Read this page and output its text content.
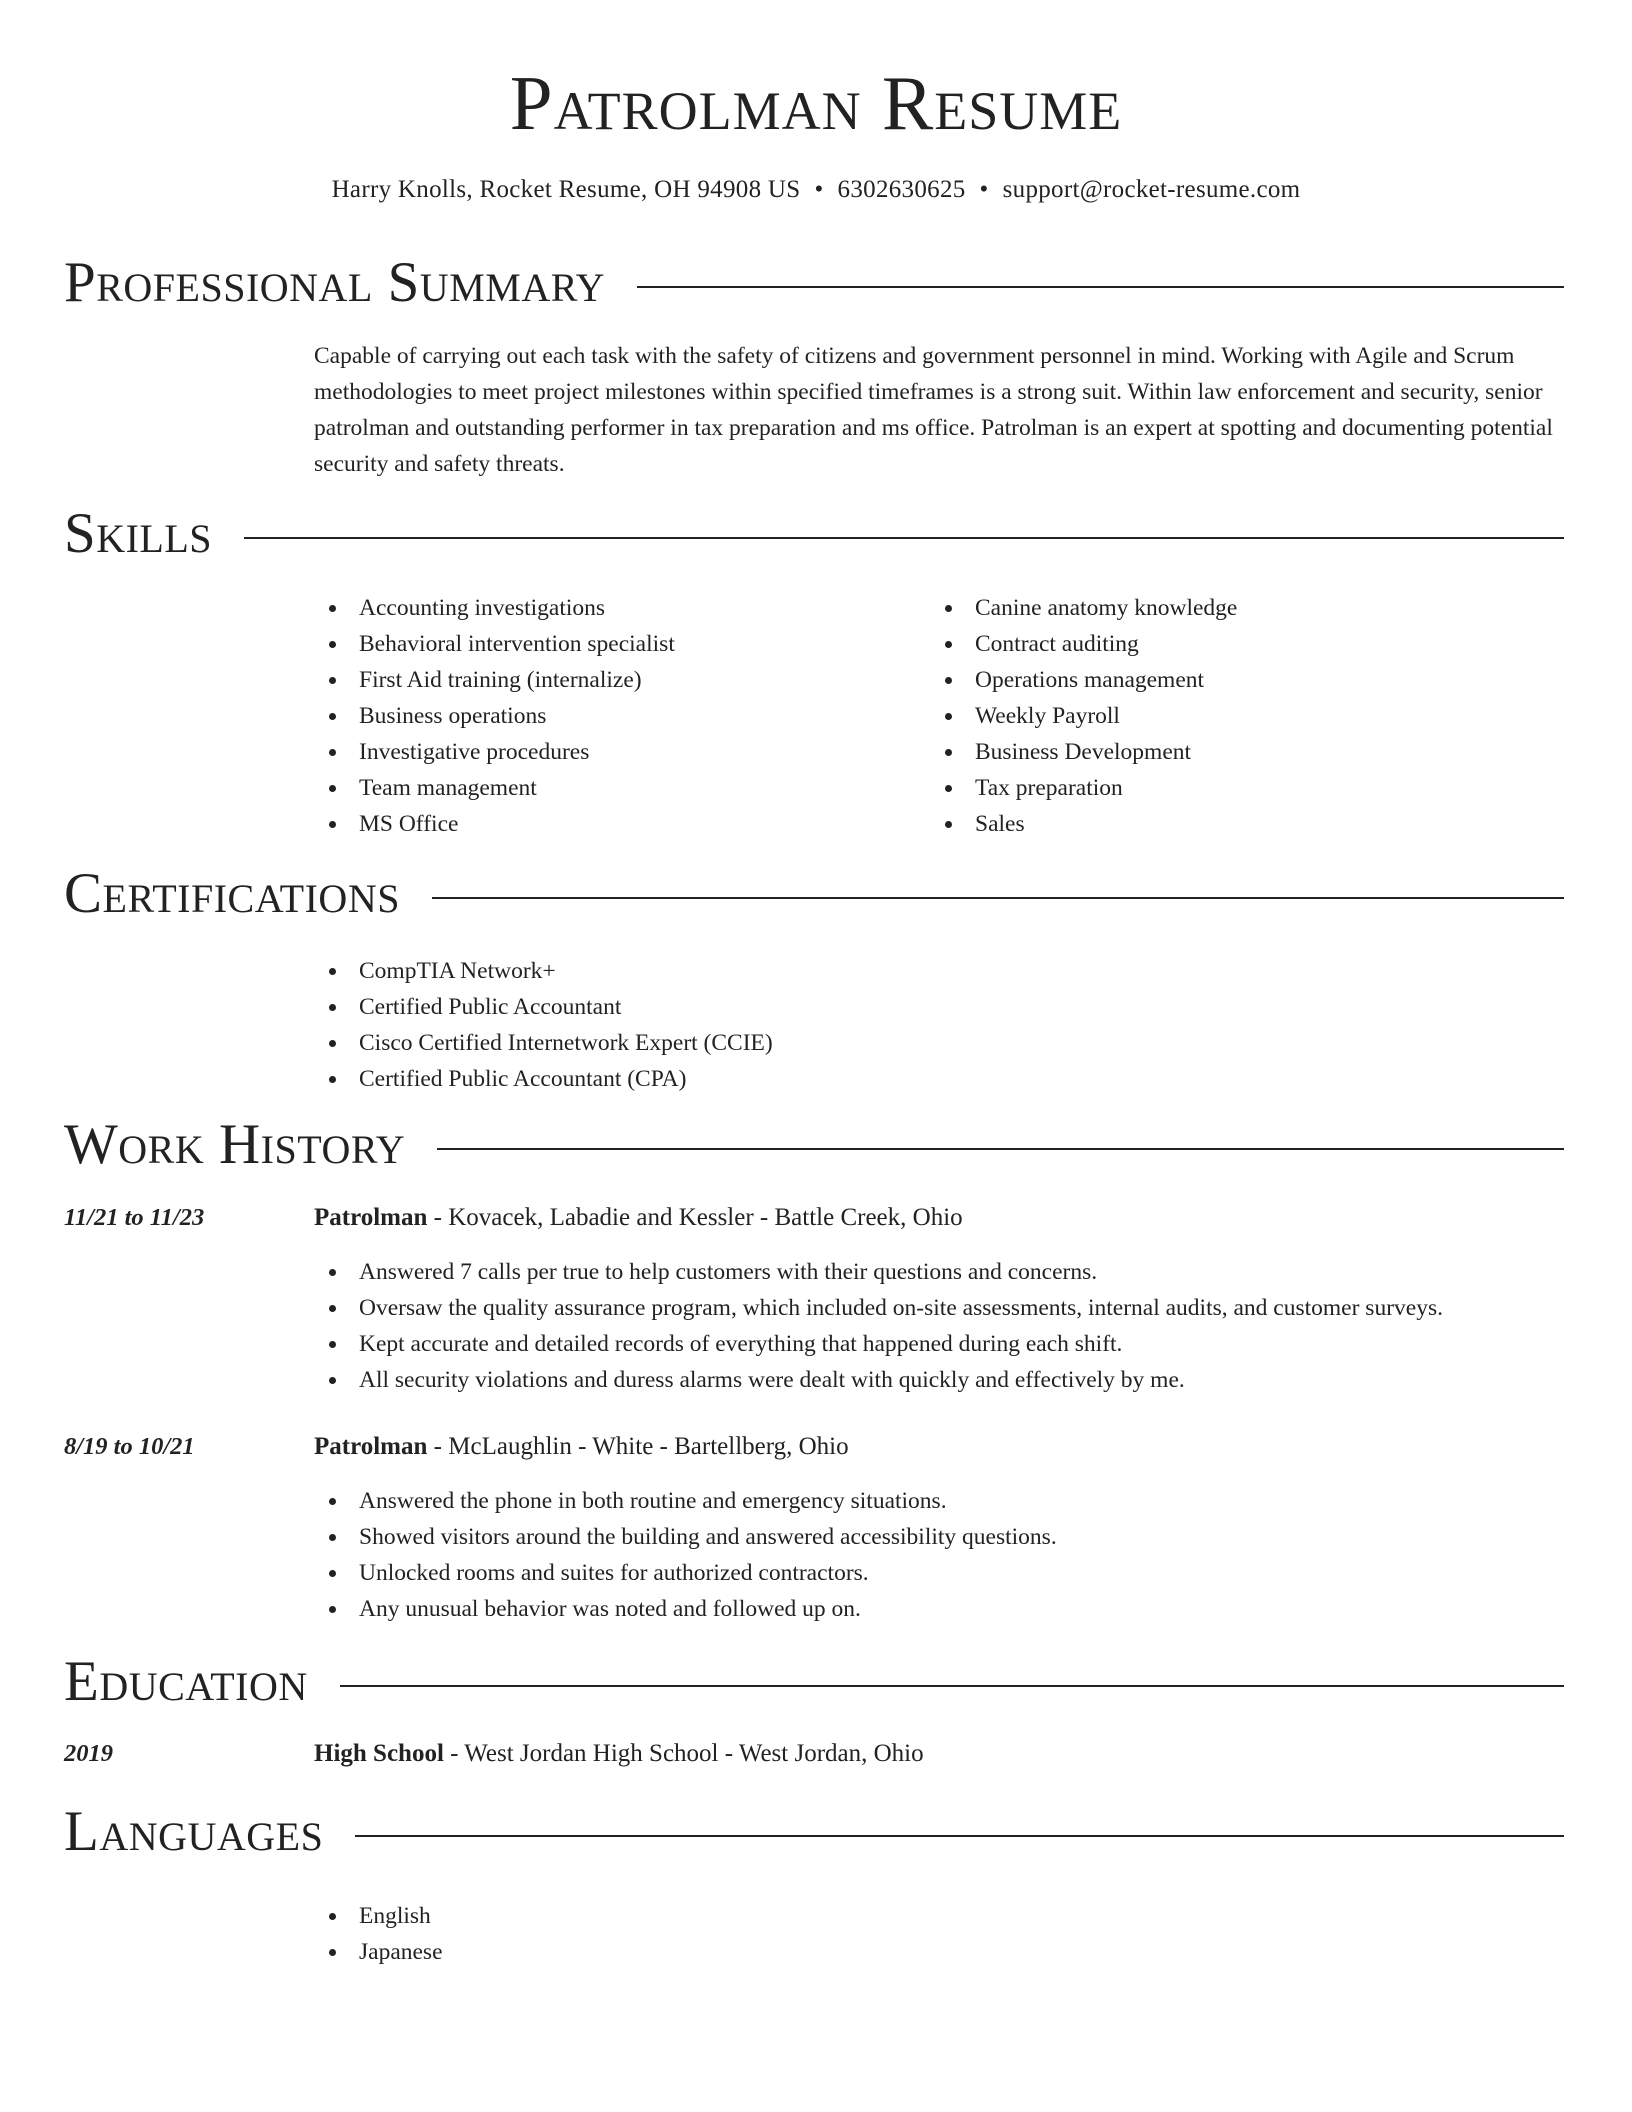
Patrolman Resume
Harry Knolls, Rocket Resume, OH 94908 US • 6302630625 • support@rocket-resume.com
Professional Summary

Capable of carrying out each task with the safety of citizens and government personnel in mind. Working with Agile and Scrum methodologies to meet project milestones within specified timeframes is a strong suit. Within law enforcement and security, senior patrolman and outstanding performer in tax preparation and ms office. Patrolman is an expert at spotting and documenting potential security and safety threats.

Skills
Accounting investigations
Behavioral intervention specialist
First Aid training (internalize)
Business operations
Investigative procedures
Team management
MS Office
Canine anatomy knowledge
Contract auditing
Operations management
Weekly Payroll
Business Development
Tax preparation
Sales
Certifications
CompTIA Network+
Certified Public Accountant
Cisco Certified Internetwork Expert (CCIE)
Certified Public Accountant (CPA)
Work History
11/21 to 11/23	Patrolman - Kovacek, Labadie and Kessler - Battle Creek, Ohio
Answered 7 calls per true to help customers with their questions and concerns.
Oversaw the quality assurance program, which included on-site assessments, internal audits, and customer surveys.
Kept accurate and detailed records of everything that happened during each shift.
All security violations and duress alarms were dealt with quickly and effectively by me.
8/19 to 10/21	Patrolman - McLaughlin - White - Bartellberg, Ohio
Answered the phone in both routine and emergency situations.
Showed visitors around the building and answered accessibility questions.
Unlocked rooms and suites for authorized contractors.
Any unusual behavior was noted and followed up on.
Education
2019	High School - West Jordan High School - West Jordan, Ohio
Languages
English
Japanese
